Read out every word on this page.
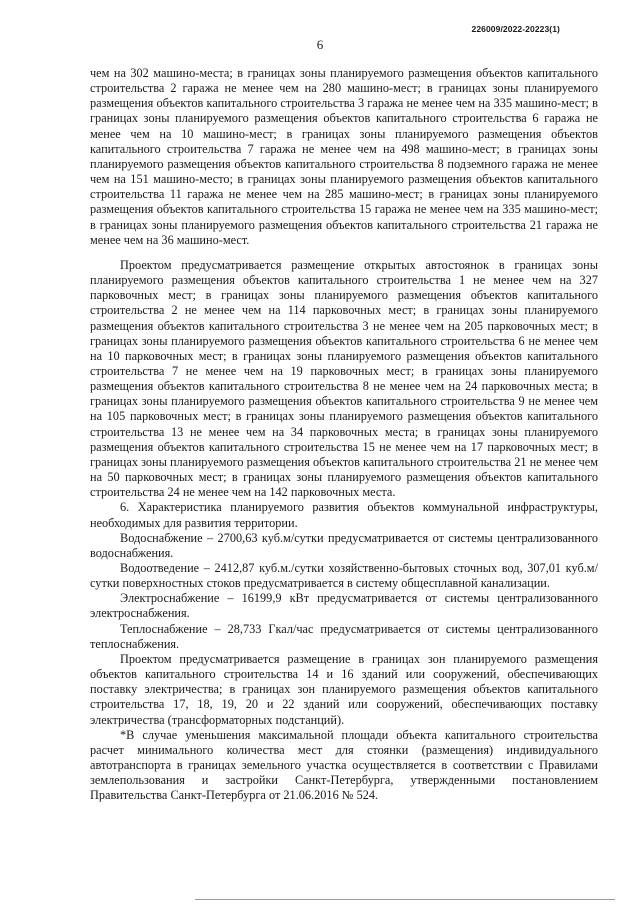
226009/2022-20223(1)
6

чем на 302 машино-места; в границах зоны планируемого размещения объектов капитального строительства 2 гаража не менее чем на 280 машино-мест; в границах зоны планируемого размещения объектов капитального строительства 3 гаража не менее чем на 335 машино-мест; в границах зоны планируемого размещения объектов капитального строительства 6 гаража не менее чем на 10 машино-мест; в границах зоны планируемого размещения объектов капитального строительства 7 гаража не менее чем на 498 машино-мест; в границах зоны планируемого размещения объектов капитального строительства 8 подземного гаража не менее чем на 151 машино-место; в границах зоны планируемого размещения объектов капитального строительства 11 гаража не менее чем на 285 машино-мест; в границах зоны планируемого размещения объектов капитального строительства 15 гаража не менее чем на 335 машино-мест; в границах зоны планируемого размещения объектов капитального строительства 21 гаража не менее чем на 36 машино-мест.

Проектом предусматривается размещение открытых автостоянок в границах зоны планируемого размещения объектов капитального строительства 1 не менее чем на 327 парковочных мест; в границах зоны планируемого размещения объектов капитального строительства 2 не менее чем на 114 парковочных мест; в границах зоны планируемого размещения объектов капитального строительства 3 не менее чем на 205 парковочных мест; в границах зоны планируемого размещения объектов капитального строительства 6 не менее чем на 10 парковочных мест; в границах зоны планируемого размещения объектов капитального строительства 7 не менее чем на 19 парковочных мест; в границах зоны планируемого размещения объектов капитального строительства 8 не менее чем на 24 парковочных места; в границах зоны планируемого размещения объектов капитального строительства 9 не менее чем на 105 парковочных мест; в границах зоны планируемого размещения объектов капитального строительства 13 не менее чем на 34 парковочных места; в границах зоны планируемого размещения объектов капитального строительства 15 не менее чем на 17 парковочных мест; в границах зоны планируемого размещения объектов капитального строительства 21 не менее чем на 50 парковочных мест; в границах зоны планируемого размещения объектов капитального строительства 24 не менее чем на 142 парковочных места.

6. Характеристика планируемого развития объектов коммунальной инфраструктуры, необходимых для развития территории.

Водоснабжение – 2700,63 куб.м/сутки предусматривается от системы централизованного водоснабжения.

Водоотведение – 2412,87 куб.м./сутки хозяйственно-бытовых сточных вод, 307,01 куб.м/сутки поверхностных стоков предусматривается в систему общесплавной канализации.

Электроснабжение – 16199,9 кВт предусматривается от системы централизованного электроснабжения.

Теплоснабжение – 28,733 Гкал/час предусматривается от системы централизованного теплоснабжения.

Проектом предусматривается размещение в границах зон планируемого размещения объектов капитального строительства 14 и 16 зданий или сооружений, обеспечивающих поставку электричества; в границах зон планируемого размещения объектов капитального строительства 17, 18, 19, 20 и 22 зданий или сооружений, обеспечивающих поставку электричества (трансформаторных подстанций).

*В случае уменьшения максимальной площади объекта капитального строительства расчет минимального количества мест для стоянки (размещения) индивидуального автотранспорта в границах земельного участка осуществляется в соответствии с Правилами землепользования и застройки Санкт-Петербурга, утвержденными постановлением Правительства Санкт-Петербурга от 21.06.2016 № 524.
